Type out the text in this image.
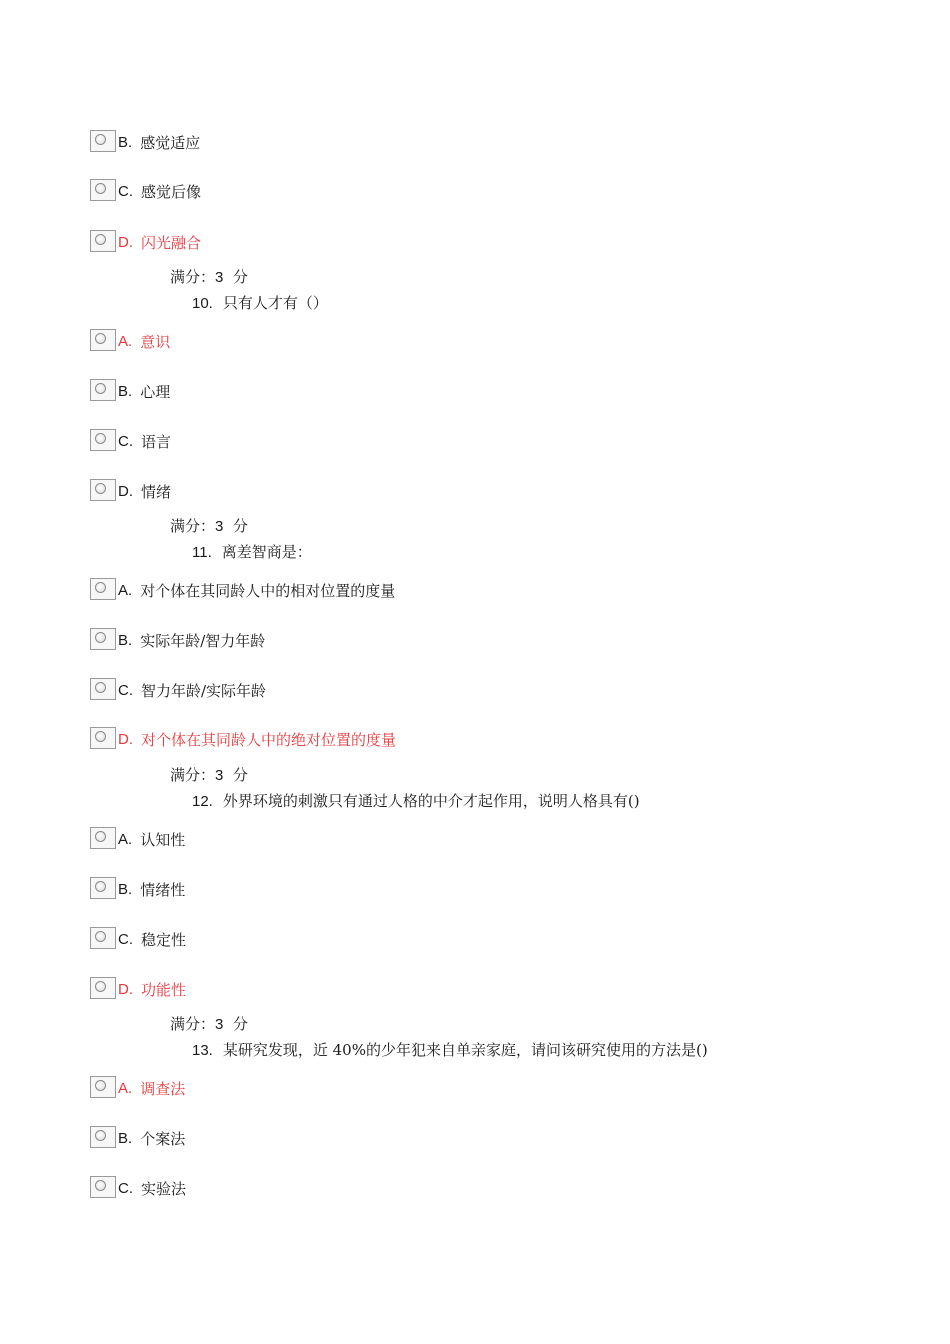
B. 感觉适应
C. 感觉后像
D. 闪光融合
满分：3 分
10. 只有人才有（）
A. 意识
B. 心理
C. 语言
D. 情绪
满分：3 分
11. 离差智商是：
A. 对个体在其同龄人中的相对位置的度量
B. 实际年龄/智力年龄
C. 智力年龄/实际年龄
D. 对个体在其同龄人中的绝对位置的度量
满分：3 分
12. 外界环境的刺激只有通过人格的中介才起作用，说明人格具有()
A. 认知性
B. 情绪性
C. 稳定性
D. 功能性
满分：3 分
13. 某研究发现，近 40%的少年犯来自单亲家庭，请问该研究使用的方法是()
A. 调查法
B. 个案法
C. 实验法
